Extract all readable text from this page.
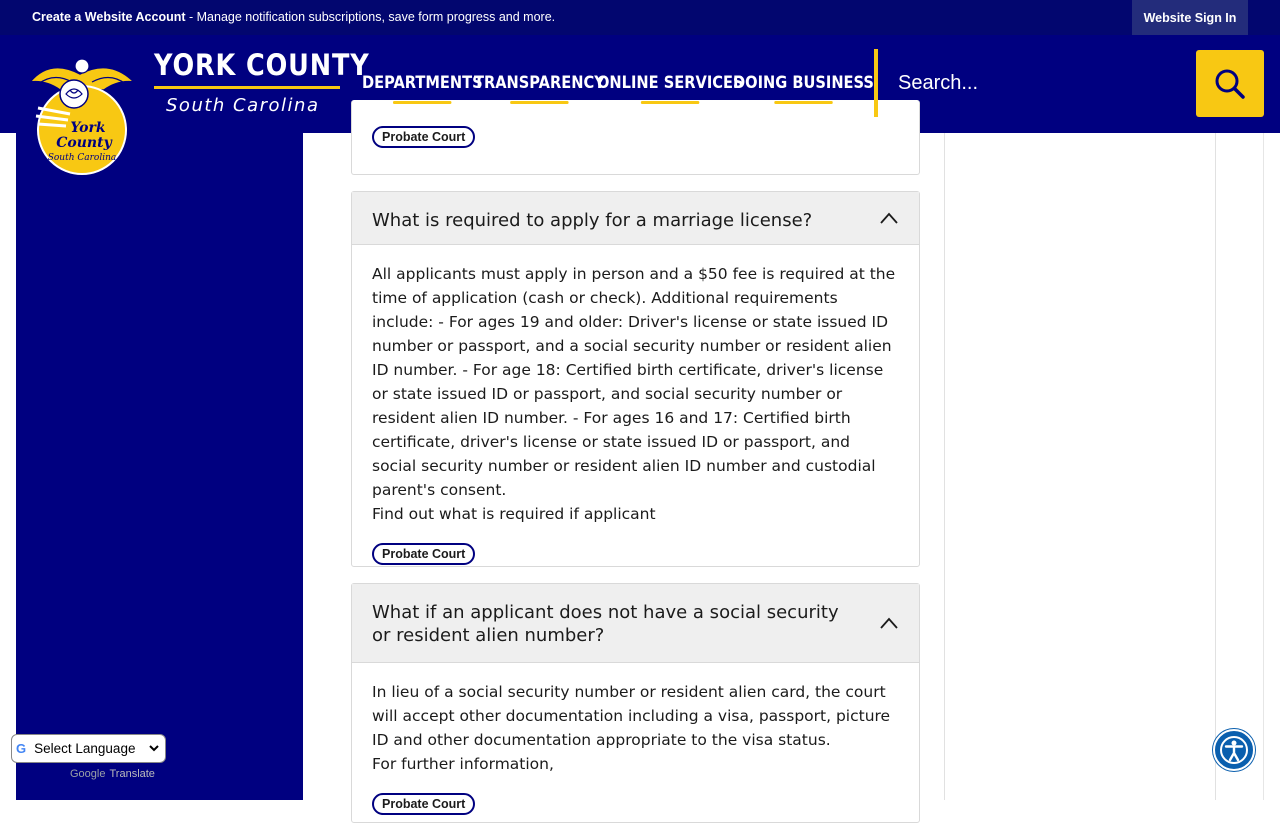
Create a Website Account - Manage notification subscriptions, save form progress and more.	Website Sign In
York
County
South Carolina
YORK COUNTY
South Carolina
DEPARTMENTS
TRANSPARENCY
ONLINE SERVICES
DOING BUSINESS
Search...
Probate Court
What is required to apply for a marriage license?

All applicants must apply in person and a $50 fee is required at the time of application (cash or check). Additional requirements include: - For ages 19 and older: Driver's license or state issued ID number or passport, and a social security number or resident alien ID number. - For age 18: Certified birth certificate, driver's license or state issued ID or passport, and social security number or resident alien ID number. - For ages 16 and 17: Certified birth certificate, driver's license or state issued ID or passport, and social security number or resident alien ID number and custodial parent's consent.

Find out what is required if applicant

Probate Court
What if an applicant does not have a social security or resident alien number?

In lieu of a social security number or resident alien card, the court will accept other documentation including a visa, passport, picture ID and other documentation appropriate to the visa status.

For further information,

Probate Court
G
Select Language
Google Translate
